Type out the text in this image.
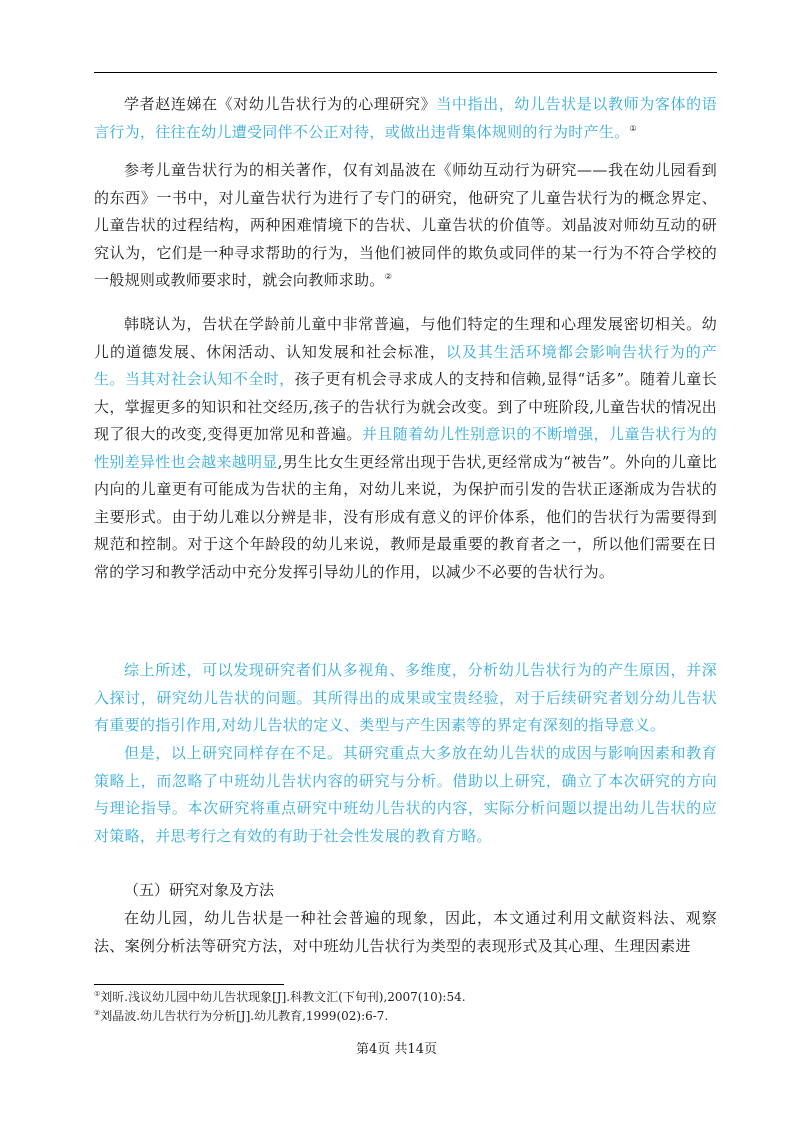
学者赵连娣在《对幼儿告状行为的心理研究》当中指出，幼儿告状是以教师为客体的语言行为，往往在幼儿遭受同伴不公正对待，或做出违背集体规则的行为时产生。①

参考儿童告状行为的相关著作，仅有刘晶波在《师幼互动行为研究——我在幼儿园看到的东西》一书中，对儿童告状行为进行了专门的研究，他研究了儿童告状行为的概念界定、儿童告状的过程结构，两种困难情境下的告状、儿童告状的价值等。刘晶波对师幼互动的研究认为，它们是一种寻求帮助的行为，当他们被同伴的欺负或同伴的某一行为不符合学校的一般规则或教师要求时，就会向教师求助。②

韩晓认为，告状在学龄前儿童中非常普遍，与他们特定的生理和心理发展密切相关。幼儿的道德发展、休闲活动、认知发展和社会标准，以及其生活环境都会影响告状行为的产生。当其对社会认知不全时，孩子更有机会寻求成人的支持和信赖,显得“话多”。随着儿童长大，掌握更多的知识和社交经历,孩子的告状行为就会改变。到了中班阶段,儿童告状的情况出现了很大的改变,变得更加常见和普遍。并且随着幼儿性别意识的不断增强，儿童告状行为的性别差异性也会越来越明显,男生比女生更经常出现于告状,更经常成为“被告”。外向的儿童比内向的儿童更有可能成为告状的主角，对幼儿来说，为保护而引发的告状正逐渐成为告状的主要形式。由于幼儿难以分辨是非，没有形成有意义的评价体系，他们的告状行为需要得到规范和控制。对于这个年龄段的幼儿来说，教师是最重要的教育者之一，所以他们需要在日常的学习和教学活动中充分发挥引导幼儿的作用，以减少不必要的告状行为。

综上所述，可以发现研究者们从多视角、多维度，分析幼儿告状行为的产生原因，并深入探讨，研究幼儿告状的问题。其所得出的成果或宝贵经验，对于后续研究者划分幼儿告状有重要的指引作用,对幼儿告状的定义、类型与产生因素等的界定有深刻的指导意义。

但是，以上研究同样存在不足。其研究重点大多放在幼儿告状的成因与影响因素和教育策略上，而忽略了中班幼儿告状内容的研究与分析。借助以上研究，确立了本次研究的方向与理论指导。本次研究将重点研究中班幼儿告状的内容，实际分析问题以提出幼儿告状的应对策略，并思考行之有效的有助于社会性发展的教育方略。

（五）研究对象及方法

在幼儿园，幼儿告状是一种社会普遍的现象，因此，本文通过利用文献资料法、观察法、案例分析法等研究方法，对中班幼儿告状行为类型的表现形式及其心理、生理因素进

①刘昕.浅议幼儿园中幼儿告状现象[J].科教文汇(下旬刊),2007(10):54.

②刘晶波.幼儿告状行为分析[J].幼儿教育,1999(02):6-7.

第4页 共14页
